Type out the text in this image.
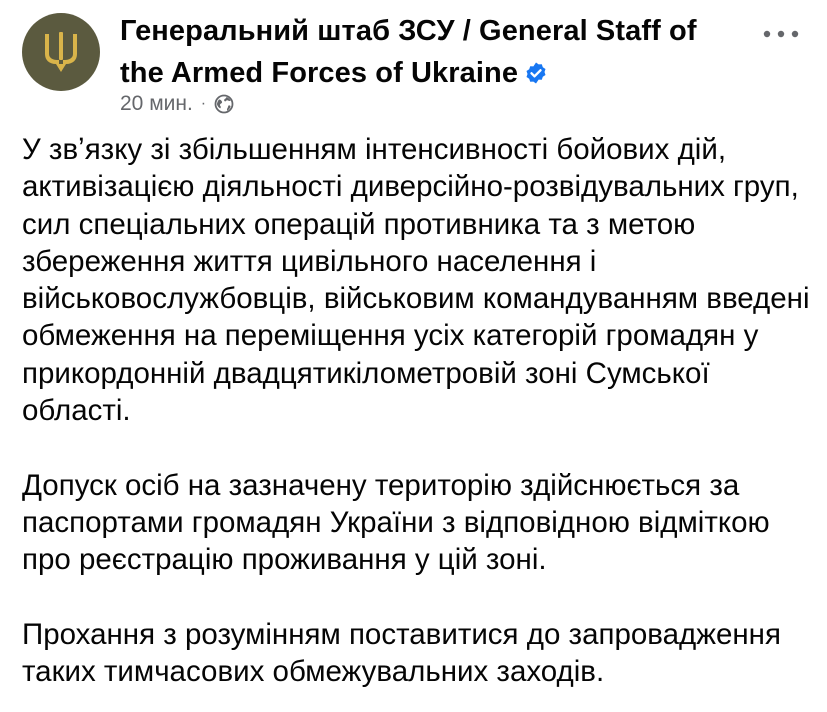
Генеральний штаб ЗСУ / General Staff of the Armed Forces of Ukraine
20 мин. ·

У звʼязку зі збільшенням інтенсивності бойових дій, активізацією діяльності диверсійно-розвідувальних груп, сил спеціальних операцій противника та з метою збереження життя цивільного населення і військовослужбовців, військовим командуванням введені обмеження на переміщення усіх категорій громадян у прикордонній двадцятикілометровій зоні Сумської області.

Допуск осіб на зазначену територію здійснюється за паспортами громадян України з відповідною відміткою про реєстрацію проживання у цій зоні.

Прохання з розумінням поставитися до запровадження таких тимчасових обмежувальних заходів.
